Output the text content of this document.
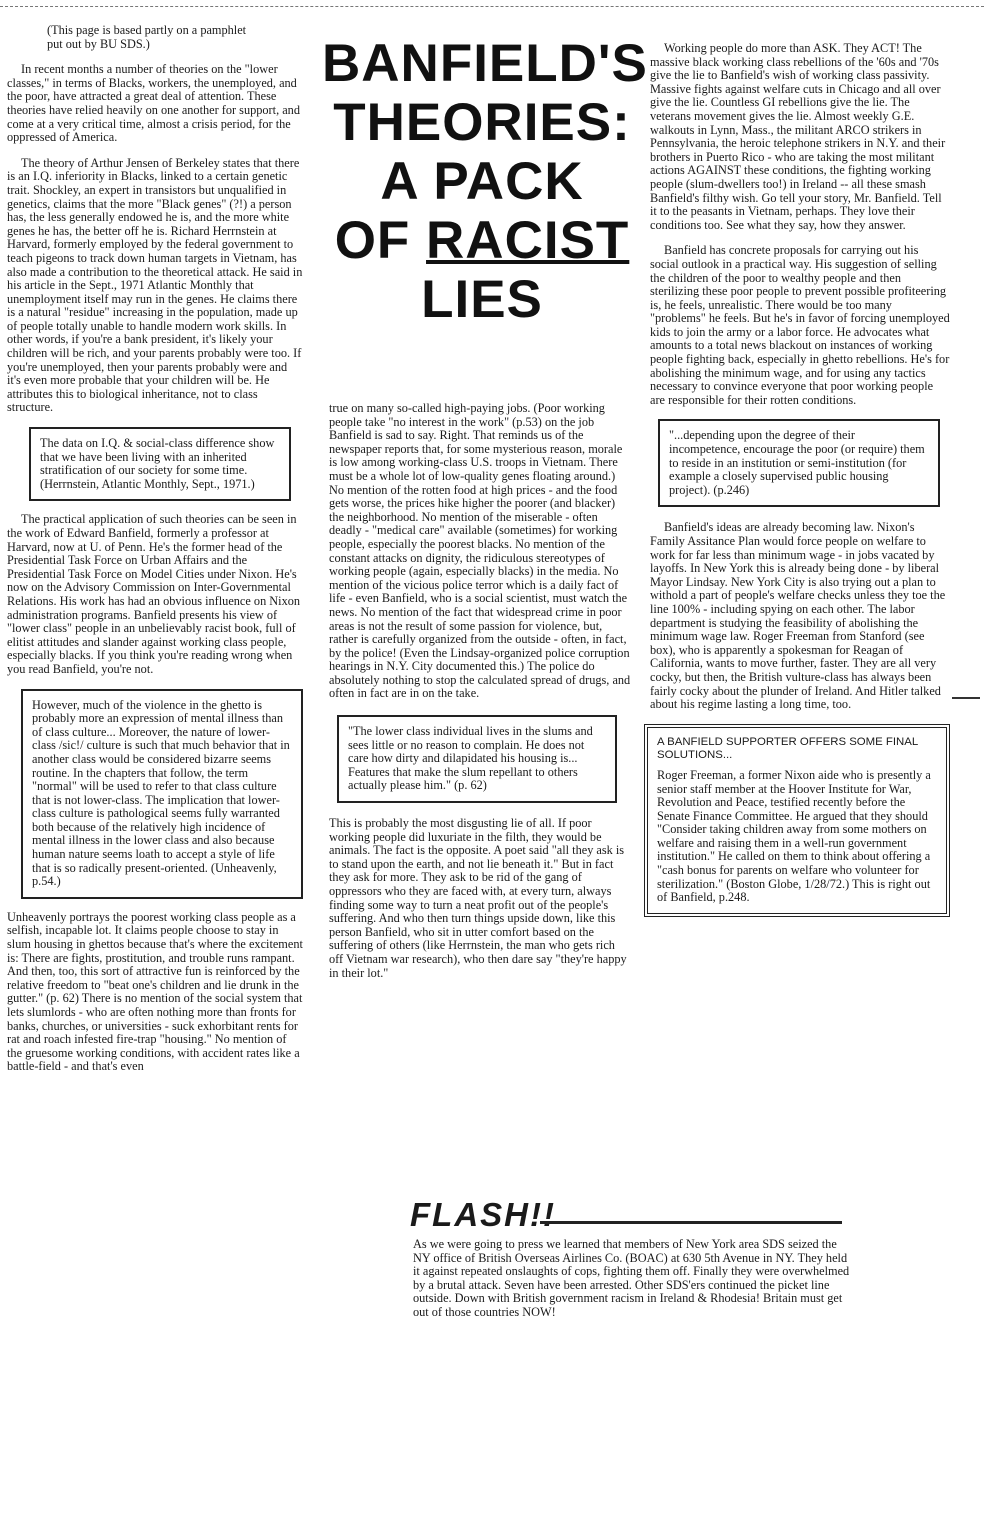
(This page is based partly on a pamphlet put out by BU SDS.)

In recent months a number of theories on the "lower classes," in terms of Blacks, workers, the unemployed, and the poor, have attracted a great deal of attention. These theories have relied heavily on one another for support, and come at a very critical time, almost a crisis period, for the oppressed of America.

The theory of Arthur Jensen of Berkeley states that there is an I.Q. inferiority in Blacks, linked to a certain genetic trait. Shockley, an expert in transistors but unqualified in genetics, claims that the more "Black genes" (?!) a person has, the less generally endowed he is, and the more white genes he has, the better off he is. Richard Herrnstein at Harvard, formerly employed by the federal government to teach pigeons to track down human targets in Vietnam, has also made a contribution to the theoretical attack. He said in his article in the Sept., 1971 Atlantic Monthly that unemployment itself may run in the genes. He claims there is a natural "residue" increasing in the population, made up of people totally unable to handle modern work skills. In other words, if you're a bank president, it's likely your children will be rich, and your parents probably were too. If you're unemployed, then your parents probably were and it's even more probable that your children will be. He attributes this to biological inheritance, not to class structure.

The data on I.Q. & social-class difference show that we have been living with an inherited stratification of our society for some time. (Herrnstein, Atlantic Monthly, Sept., 1971.)

The practical application of such theories can be seen in the work of Edward Banfield, formerly a professor at Harvard, now at U. of Penn. He's the former head of the Presidential Task Force on Urban Affairs and the Presidential Task Force on Model Cities under Nixon. He's now on the Advisory Commission on Inter-Governmental Relations. His work has had an obvious influence on Nixon administration programs. Banfield presents his view of "lower class" people in an unbelievably racist book, full of elitist attitudes and slander against working class people, especially blacks. If you think you're reading wrong when you read Banfield, you're not.

However, much of the violence in the ghetto is probably more an expression of mental illness than of class culture... Moreover, the nature of lower-class /sic!/ culture is such that much behavior that in another class would be considered bizarre seems routine. In the chapters that follow, the term "normal" will be used to refer to that class culture that is not lower-class. The implication that lower-class culture is pathological seems fully warranted both because of the relatively high incidence of mental illness in the lower class and also because human nature seems loath to accept a style of life that is so radically present-oriented. (Unheavenly, p.54.)

Unheavenly portrays the poorest working class people as a selfish, incapable lot. It claims people choose to stay in slum housing in ghettos because that's where the excitement is: There are fights, prostitution, and trouble runs rampant. And then, too, this sort of attractive fun is reinforced by the relative freedom to "beat one's children and lie drunk in the gutter." (p. 62) There is no mention of the social system that lets slumlords - who are often nothing more than fronts for banks, churches, or universities - suck exhorbitant rents for rat and roach infested fire-trap "housing." No mention of the gruesome working conditions, with accident rates like a battle-field - and that's even

BANFIELD'S
THEORIES:
A PACK
OF RACIST
LIES

true on many so-called high-paying jobs. (Poor working people take "no interest in the work" (p.53) on the job Banfield is sad to say. Right. That reminds us of the newspaper reports that, for some mysterious reason, morale is low among working-class U.S. troops in Vietnam. There must be a whole lot of low-quality genes floating around.) No mention of the rotten food at high prices - and the food gets worse, the prices hike higher the poorer (and blacker) the neighborhood. No mention of the miserable - often deadly - "medical care" available (sometimes) for working people, especially the poorest blacks. No mention of the constant attacks on dignity, the ridiculous stereotypes of working people (again, especially blacks) in the media. No mention of the vicious police terror which is a daily fact of life - even Banfield, who is a social scientist, must watch the news. No mention of the fact that widespread crime in poor areas is not the result of some passion for violence, but, rather is carefully organized from the outside - often, in fact, by the police! (Even the Lindsay-organized police corruption hearings in N.Y. City documented this.) The police do absolutely nothing to stop the calculated spread of drugs, and often in fact are in on the take.

"The lower class individual lives in the slums and sees little or no reason to complain. He does not care how dirty and dilapidated his housing is... Features that make the slum repellant to others actually please him." (p. 62)

This is probably the most disgusting lie of all. If poor working people did luxuriate in the filth, they would be animals. The fact is the opposite. A poet said "all they ask is to stand upon the earth, and not lie beneath it." But in fact they ask for more. They ask to be rid of the gang of oppressors who they are faced with, at every turn, always finding some way to turn a neat profit out of the people's suffering. And who then turn things upside down, like this person Banfield, who sit in utter comfort based on the suffering of others (like Herrnstein, the man who gets rich off Vietnam war research), who then dare say "they're happy in their lot."

Working people do more than ASK. They ACT! The massive black working class rebellions of the '60s and '70s give the lie to Banfield's wish of working class passivity. Massive fights against welfare cuts in Chicago and all over give the lie. Countless GI rebellions give the lie. The veterans movement gives the lie. Almost weekly G.E. walkouts in Lynn, Mass., the militant ARCO strikers in Pennsylvania, the heroic telephone strikers in N.Y. and their brothers in Puerto Rico - who are taking the most militant actions AGAINST these conditions, the fighting working people (slum-dwellers too!) in Ireland -- all these smash Banfield's filthy wish. Go tell your story, Mr. Banfield. Tell it to the peasants in Vietnam, perhaps. They love their conditions too. See what they say, how they answer.

Banfield has concrete proposals for carrying out his social outlook in a practical way. His suggestion of selling the children of the poor to wealthy people and then sterilizing these poor people to prevent possible profiteering is, he feels, unrealistic. There would be too many "problems" he feels. But he's in favor of forcing unemployed kids to join the army or a labor force. He advocates what amounts to a total news blackout on instances of working people fighting back, especially in ghetto rebellions. He's for abolishing the minimum wage, and for using any tactics necessary to convince everyone that poor working people are responsible for their rotten conditions.

"...depending upon the degree of their incompetence, encourage the poor (or require) them to reside in an institution or semi-institution (for example a closely supervised public housing project). (p.246)

Banfield's ideas are already becoming law. Nixon's Family Assitance Plan would force people on welfare to work for far less than minimum wage - in jobs vacated by layoffs. In New York this is already being done - by liberal Mayor Lindsay. New York City is also trying out a plan to withold a part of people's welfare checks unless they toe the line 100% - including spying on each other. The labor department is studying the feasibility of abolishing the minimum wage law. Roger Freeman from Stanford (see box), who is apparently a spokesman for Reagan of California, wants to move further, faster. They are all very cocky, but then, the British vulture-class has always been fairly cocky about the plunder of Ireland. And Hitler talked about his regime lasting a long time, too.

A BANFIELD SUPPORTER OFFERS SOME FINAL SOLUTIONS...
Roger Freeman, a former Nixon aide who is presently a senior staff member at the Hoover Institute for War, Revolution and Peace, testified recently before the Senate Finance Committee. He argued that they should "Consider taking children away from some mothers on welfare and raising them in a well-run government institution." He called on them to think about offering a "cash bonus for parents on welfare who volunteer for sterilization." (Boston Globe, 1/28/72.) This is right out of Banfield, p.248.
FLASH!!

As we were going to press we learned that members of New York area SDS seized the NY office of British Overseas Airlines Co. (BOAC) at 630 5th Avenue in NY. They held it against repeated onslaughts of cops, fighting them off. Finally they were overwhelmed by a brutal attack. Seven have been arrested. Other SDS'ers continued the picket line outside. Down with British government racism in Ireland & Rhodesia! Britain must get out of those countries NOW!
